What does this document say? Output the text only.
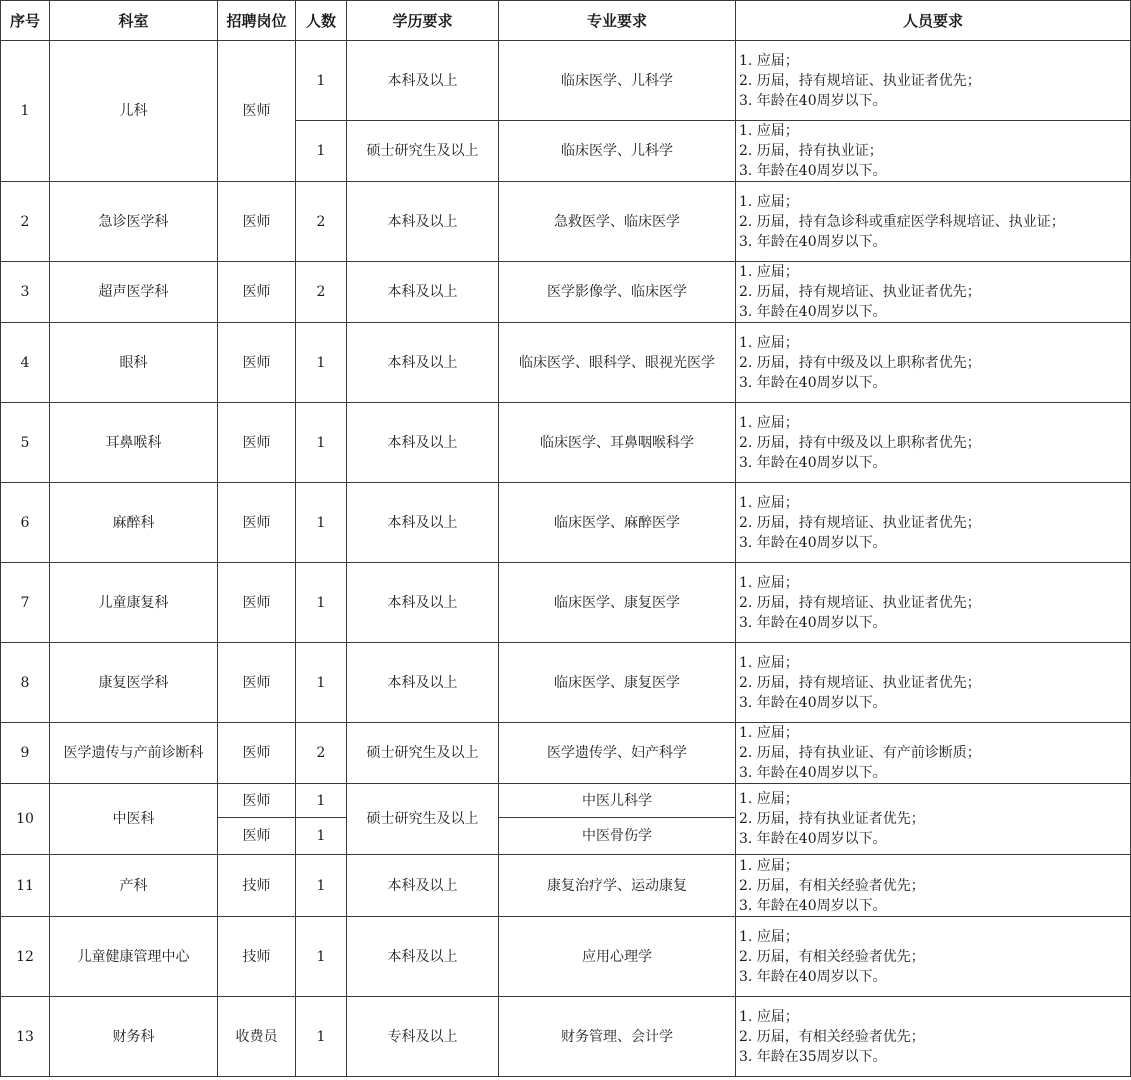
序号	科室	招聘岗位	人数	学历要求	专业要求	人员要求
1	儿科	医师	1	本科及以上	临床医学、儿科学	1. 应届；
2. 历届，持有规培证、执业证者优先；
3. 年龄在40周岁以下。

			1	硕士研究生及以上	临床医学、儿科学	1. 应届；
2. 历届，持有执业证；
3. 年龄在40周岁以下。

2	急诊医学科	医师	2	本科及以上	急救医学、临床医学	1. 应届；
2. 历届，持有急诊科或重症医学科规培证、执业证；
3. 年龄在40周岁以下。

3	超声医学科	医师	2	本科及以上	医学影像学、临床医学	1. 应届；
2. 历届，持有规培证、执业证者优先；
3. 年龄在40周岁以下。

4	眼科	医师	1	本科及以上	临床医学、眼科学、眼视光医学	1. 应届；
2. 历届，持有中级及以上职称者优先；
3. 年龄在40周岁以下。

5	耳鼻喉科	医师	1	本科及以上	临床医学、耳鼻咽喉科学	1. 应届；
2. 历届，持有中级及以上职称者优先；
3. 年龄在40周岁以下。

6	麻醉科	医师	1	本科及以上	临床医学、麻醉医学	1. 应届；
2. 历届，持有规培证、执业证者优先；
3. 年龄在40周岁以下。

7	儿童康复科	医师	1	本科及以上	临床医学、康复医学	1. 应届；
2. 历届，持有规培证、执业证者优先；
3. 年龄在40周岁以下。

8	康复医学科	医师	1	本科及以上	临床医学、康复医学	1. 应届；
2. 历届，持有规培证、执业证者优先；
3. 年龄在40周岁以下。

9	医学遗传与产前诊断科	医师	2	硕士研究生及以上	医学遗传学、妇产科学	1. 应届；
2. 历届，持有执业证、有产前诊断质；
3. 年龄在40周岁以下。

10	中医科	医师	1	硕士研究生及以上	中医儿科学	1. 应届；
2. 历届，持有执业证者优先；
3. 年龄在40周岁以下。

		医师	1		中医骨伤学	
11	产科	技师	1	本科及以上	康复治疗学、运动康复	1. 应届；
2. 历届，有相关经验者优先；
3. 年龄在40周岁以下。

12	儿童健康管理中心	技师	1	本科及以上	应用心理学	1. 应届；
2. 历届，有相关经验者优先；
3. 年龄在40周岁以下。

13	财务科	收费员	1	专科及以上	财务管理、会计学	1. 应届；
2. 历届，有相关经验者优先；
3. 年龄在35周岁以下。
